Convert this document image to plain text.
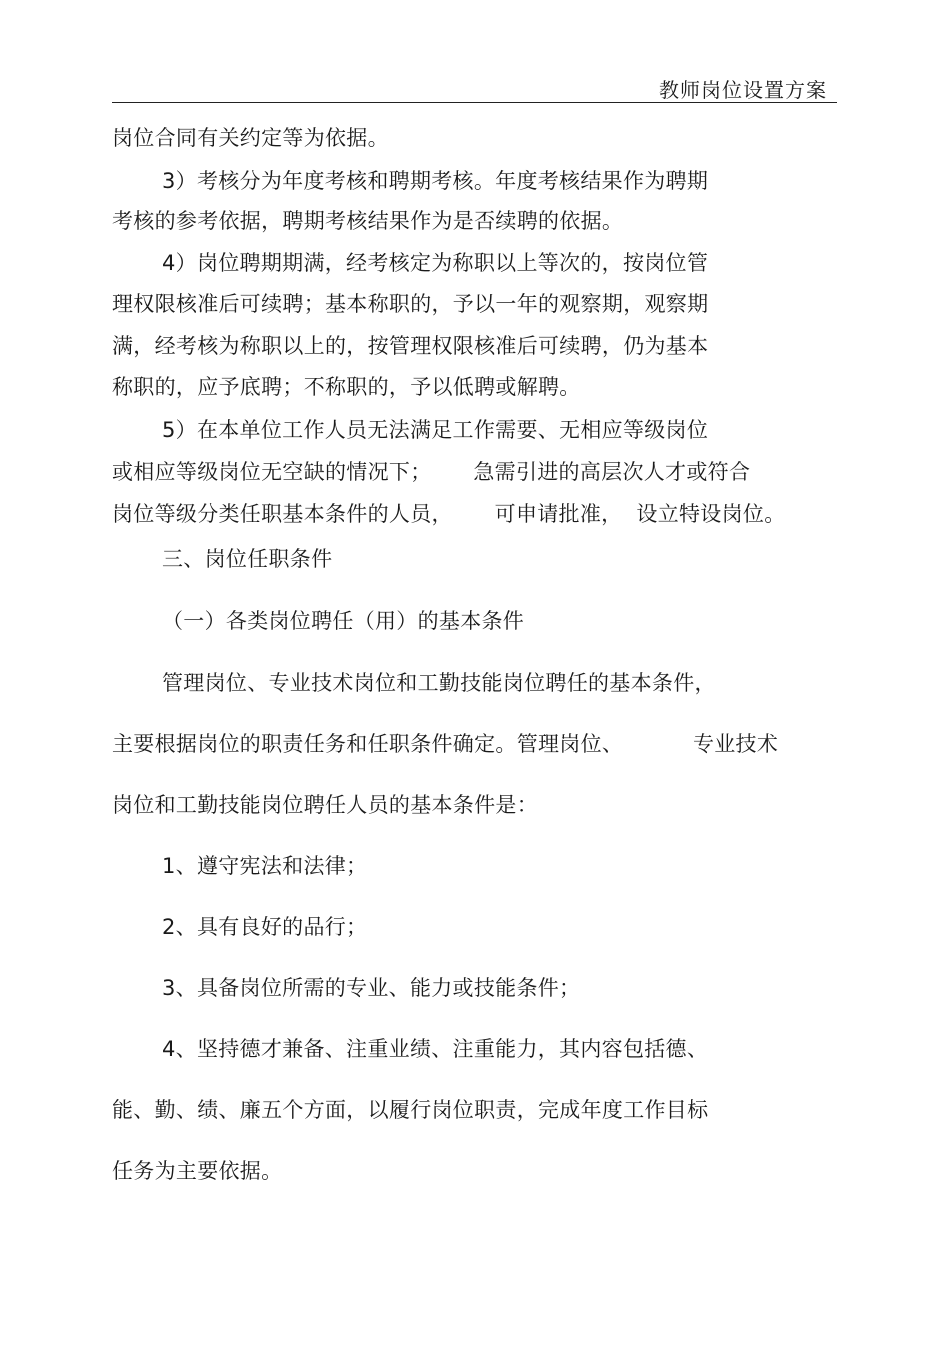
教师岗位设置方案
岗位合同有关约定等为依据。
3）考核分为年度考核和聘期考核。年度考核结果作为聘期
考核的参考依据，聘期考核结果作为是否续聘的依据。
4）岗位聘期期满，经考核定为称职以上等次的，按岗位管
理权限核准后可续聘；基本称职的，予以一年的观察期，观察期
满，经考核为称职以上的，按管理权限核准后可续聘，仍为基本
称职的，应予底聘；不称职的，予以低聘或解聘。
5）在本单位工作人员无法满足工作需要、无相应等级岗位
或相应等级岗位无空缺的情况下；      急需引进的高层次人才或符合
岗位等级分类任职基本条件的人员，      可申请批准，  设立特设岗位。
三、岗位任职条件
（一）各类岗位聘任（用）的基本条件
管理岗位、专业技术岗位和工勤技能岗位聘任的基本条件，
主要根据岗位的职责任务和任职条件确定。管理岗位、          专业技术
岗位和工勤技能岗位聘任人员的基本条件是：
1、遵守宪法和法律；
2、具有良好的品行；
3、具备岗位所需的专业、能力或技能条件；
4、坚持德才兼备、注重业绩、注重能力，其内容包括德、
能、勤、绩、廉五个方面，以履行岗位职责，完成年度工作目标
任务为主要依据。
